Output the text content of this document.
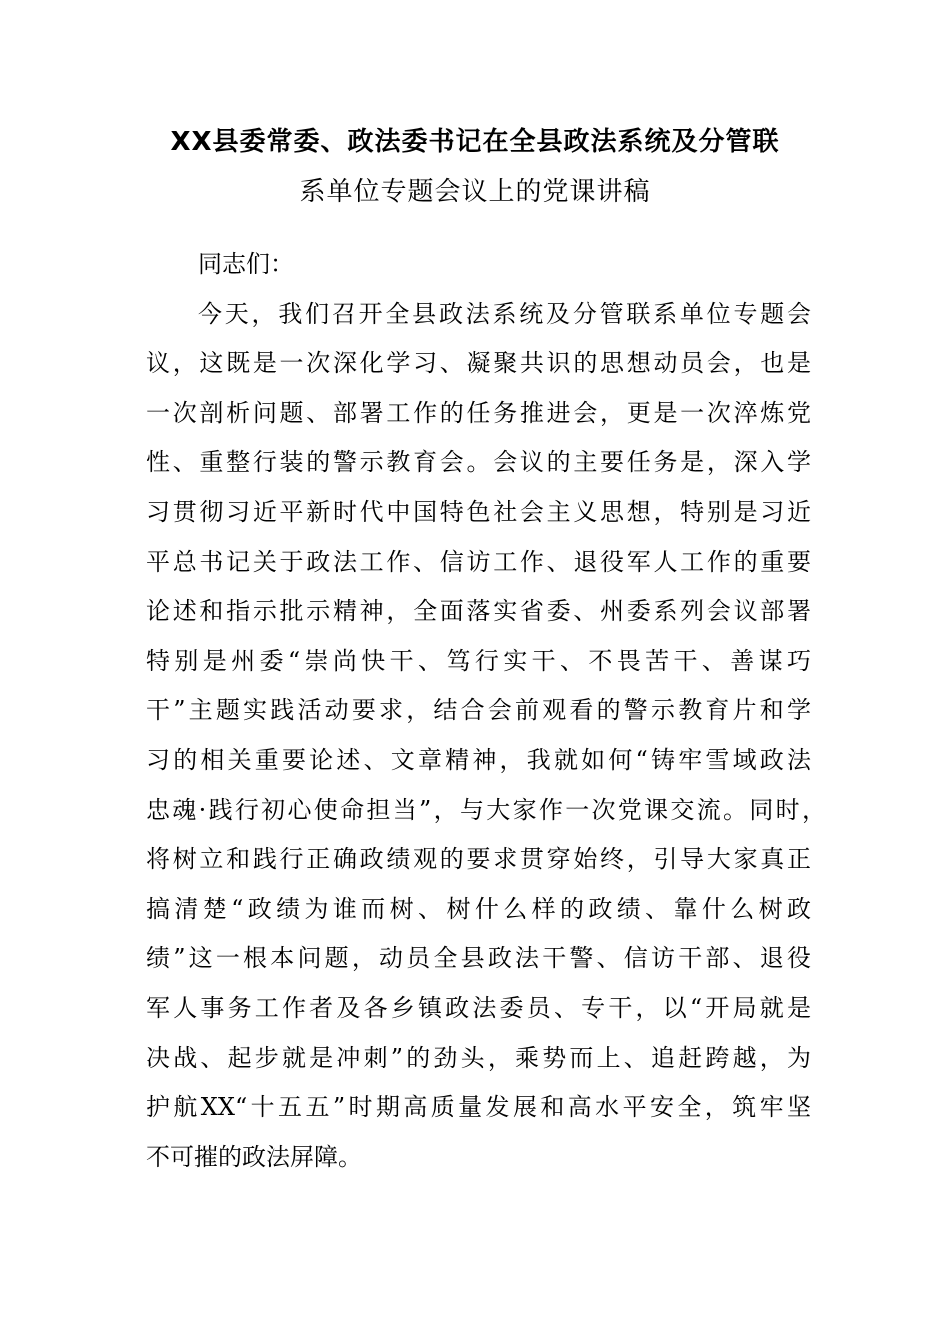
XX县委常委、政法委书记在全县政法系统及分管联
系单位专题会议上的党课讲稿
同志们：
今天，我们召开全县政法系统及分管联系单位专题会
议，这既是一次深化学习、凝聚共识的思想动员会，也是
一次剖析问题、部署工作的任务推进会，更是一次淬炼党
性、重整行装的警示教育会。会议的主要任务是，深入学
习贯彻习近平新时代中国特色社会主义思想，特别是习近
平总书记关于政法工作、信访工作、退役军人工作的重要
论述和指示批示精神，全面落实省委、州委系列会议部署
特别是州委“崇尚快干、笃行实干、不畏苦干、善谋巧
干”主题实践活动要求，结合会前观看的警示教育片和学
习的相关重要论述、文章精神，我就如何“铸牢雪域政法
忠魂·践行初心使命担当”，与大家作一次党课交流。同时，
将树立和践行正确政绩观的要求贯穿始终，引导大家真正
搞清楚“政绩为谁而树、树什么样的政绩、靠什么树政
绩”这一根本问题，动员全县政法干警、信访干部、退役
军人事务工作者及各乡镇政法委员、专干，以“开局就是
决战、起步就是冲刺”的劲头，乘势而上、追赶跨越，为
护航XX“十五五”时期高质量发展和高水平安全，筑牢坚
不可摧的政法屏障。
